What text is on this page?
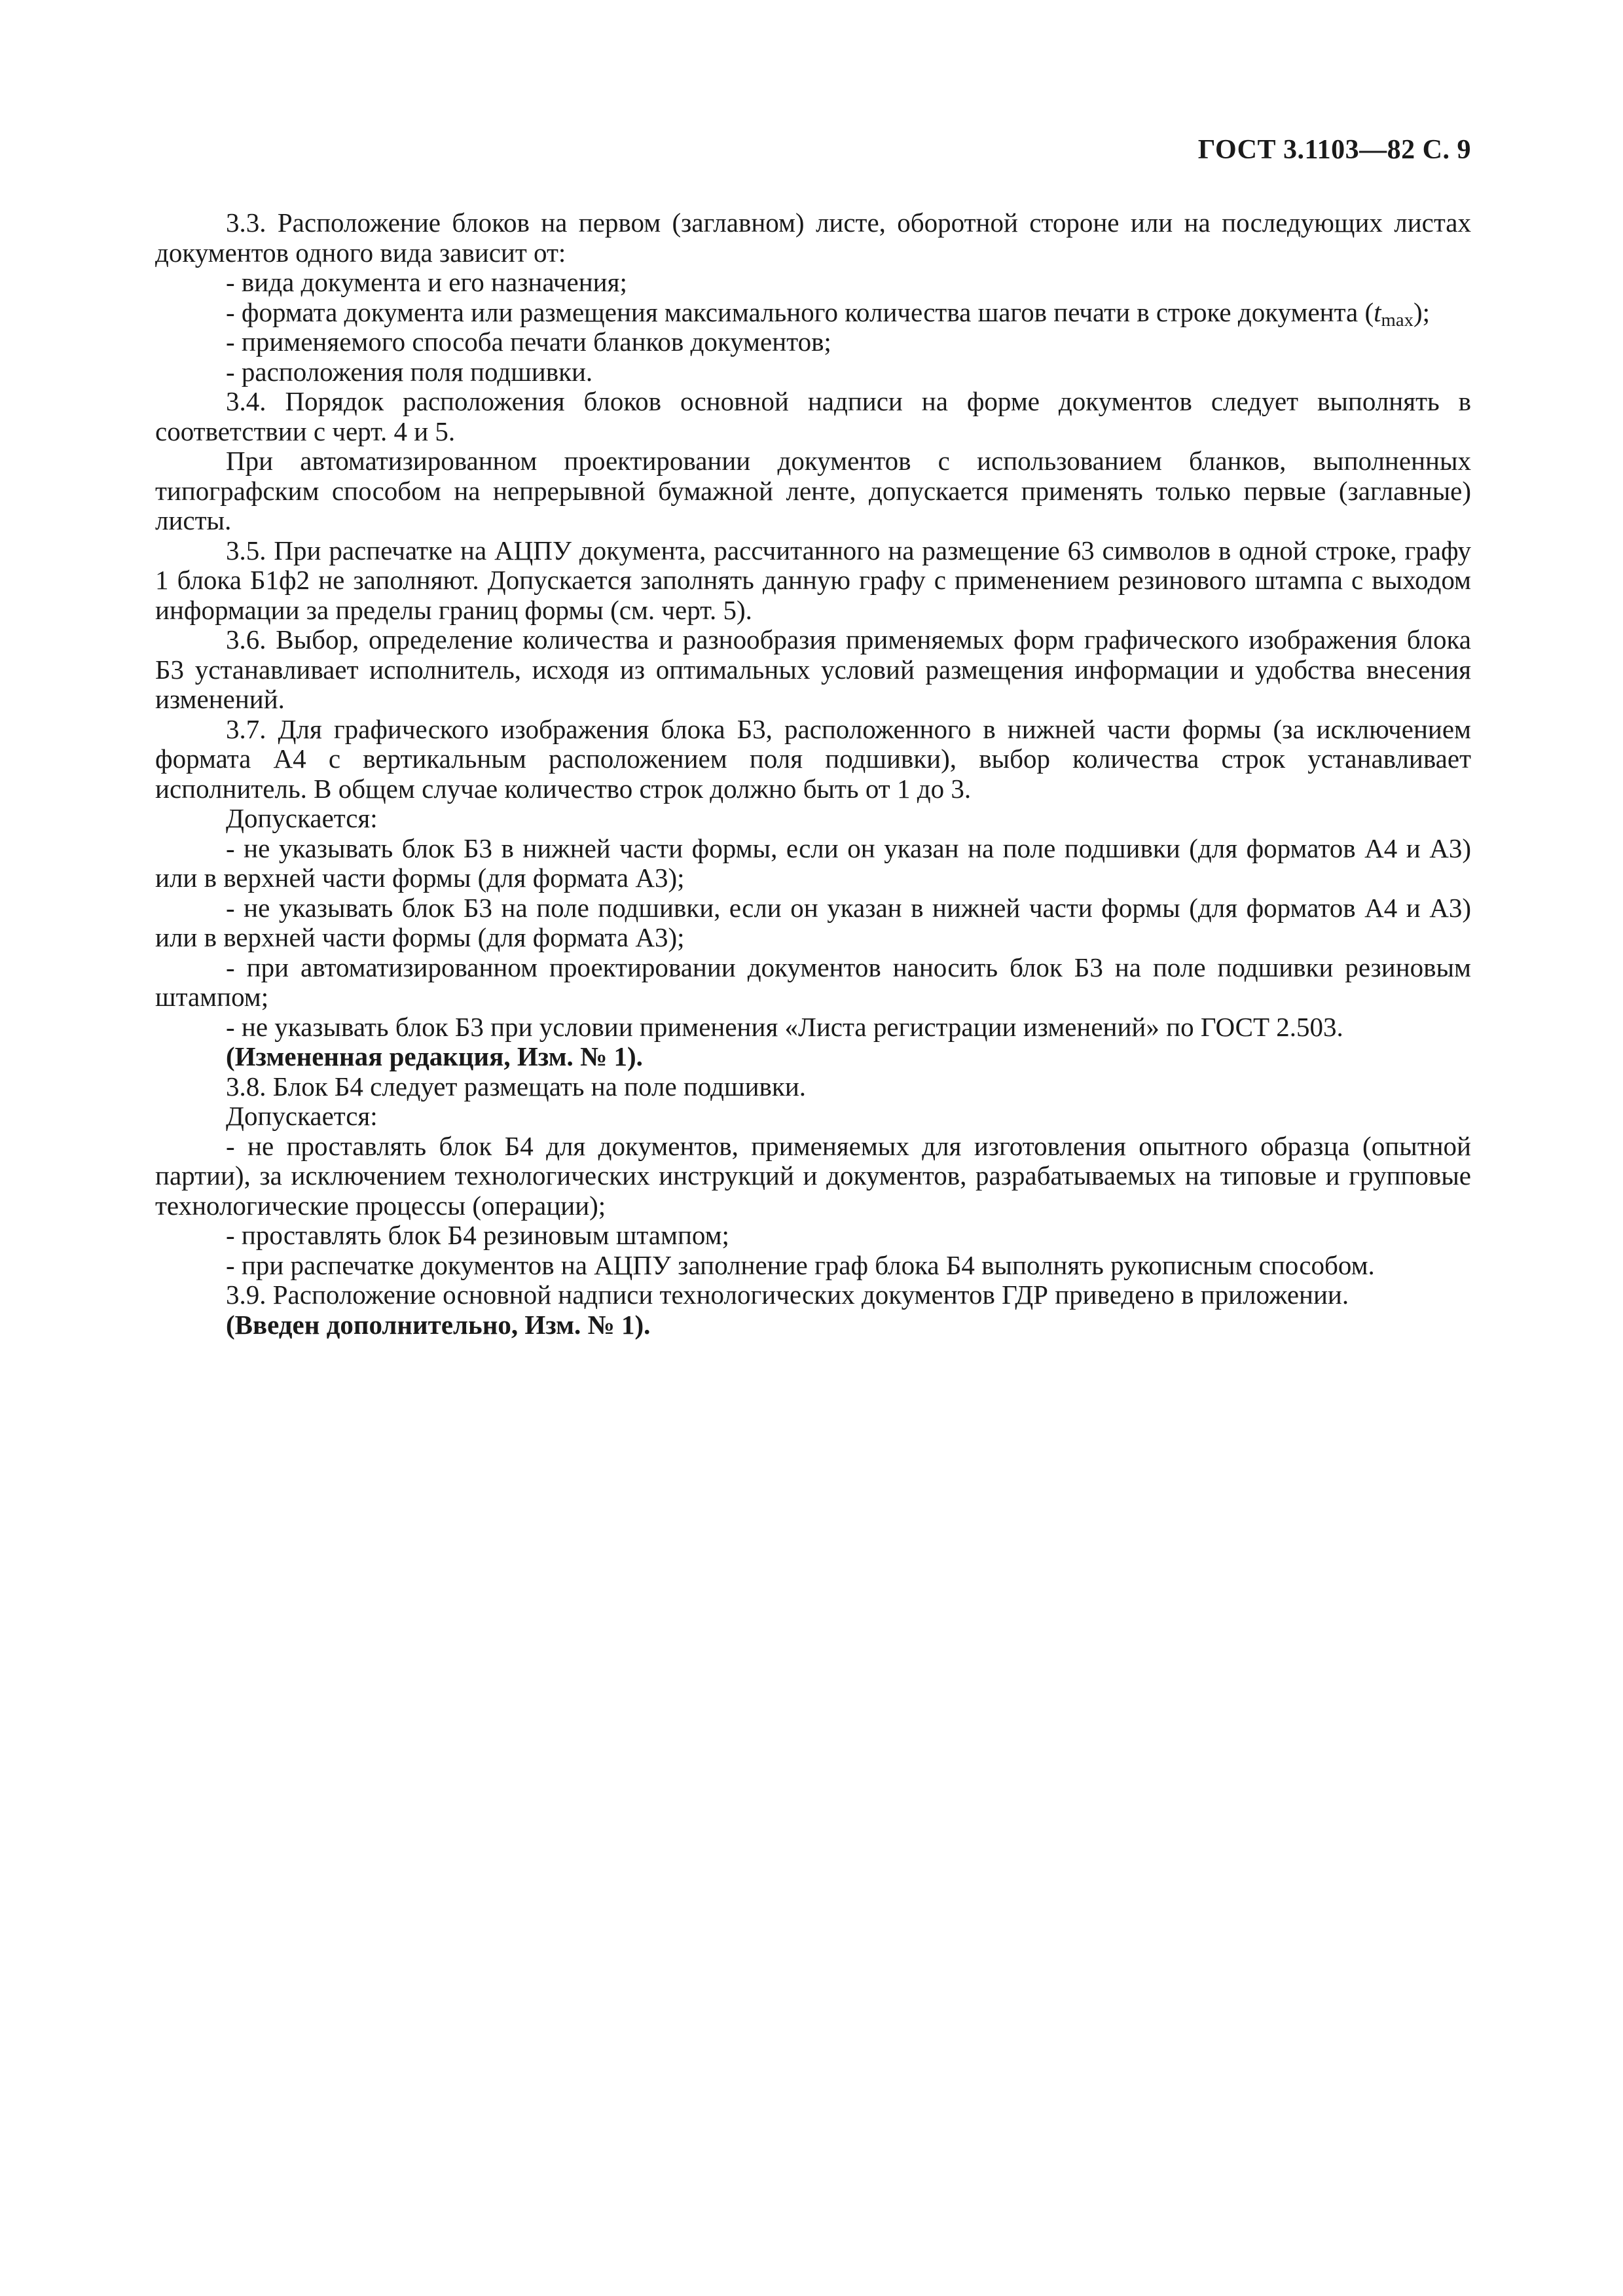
ГОСТ 3.1103—82 С. 9

3.3. Расположение блоков на первом (заглавном) листе, оборотной стороне или на последующих листах документов одного вида зависит от:

- вида документа и его назначения;

- формата документа или размещения максимального количества шагов печати в строке документа $(t_{max})$;

- применяемого способа печати бланков документов;

- расположения поля подшивки.

3.4. Порядок расположения блоков основной надписи на форме документов следует выполнять в соответствии с черт. 4 и 5.

При автоматизированном проектировании документов с использованием бланков, выполненных типографским способом на непрерывной бумажной ленте, допускается применять только первые (заглавные) листы.

3.5. При распечатке на АЦПУ документа, рассчитанного на размещение 63 символов в одной строке, графу 1 блока Б1ф2 не заполняют. Допускается заполнять данную графу с применением резинового штампа с выходом информации за пределы границ формы (см. черт. 5).

3.6. Выбор, определение количества и разнообразия применяемых форм графического изображения блока Б3 устанавливает исполнитель, исходя из оптимальных условий размещения информации и удобства внесения изменений.

3.7. Для графического изображения блока Б3, расположенного в нижней части формы (за исключением формата А4 с вертикальным расположением поля подшивки), выбор количества строк устанавливает исполнитель. В общем случае количество строк должно быть от 1 до 3.

Допускается:

- не указывать блок Б3 в нижней части формы, если он указан на поле подшивки (для форматов А4 и А3) или в верхней части формы (для формата А3);

- не указывать блок Б3 на поле подшивки, если он указан в нижней части формы (для форматов А4 и А3) или в верхней части формы (для формата А3);

- при автоматизированном проектировании документов наносить блок Б3 на поле подшивки резиновым штампом;

- не указывать блок Б3 при условии применения «Листа регистрации изменений» по ГОСТ 2.503.

(Измененная редакция, Изм. № 1).

3.8. Блок Б4 следует размещать на поле подшивки.

Допускается:

- не проставлять блок Б4 для документов, применяемых для изготовления опытного образца (опытной партии), за исключением технологических инструкций и документов, разрабатываемых на типовые и групповые технологические процессы (операции);

- проставлять блок Б4 резиновым штампом;

- при распечатке документов на АЦПУ заполнение граф блока Б4 выполнять рукописным способом.

3.9. Расположение основной надписи технологических документов ГДР приведено в приложении.

(Введен дополнительно, Изм. № 1).
